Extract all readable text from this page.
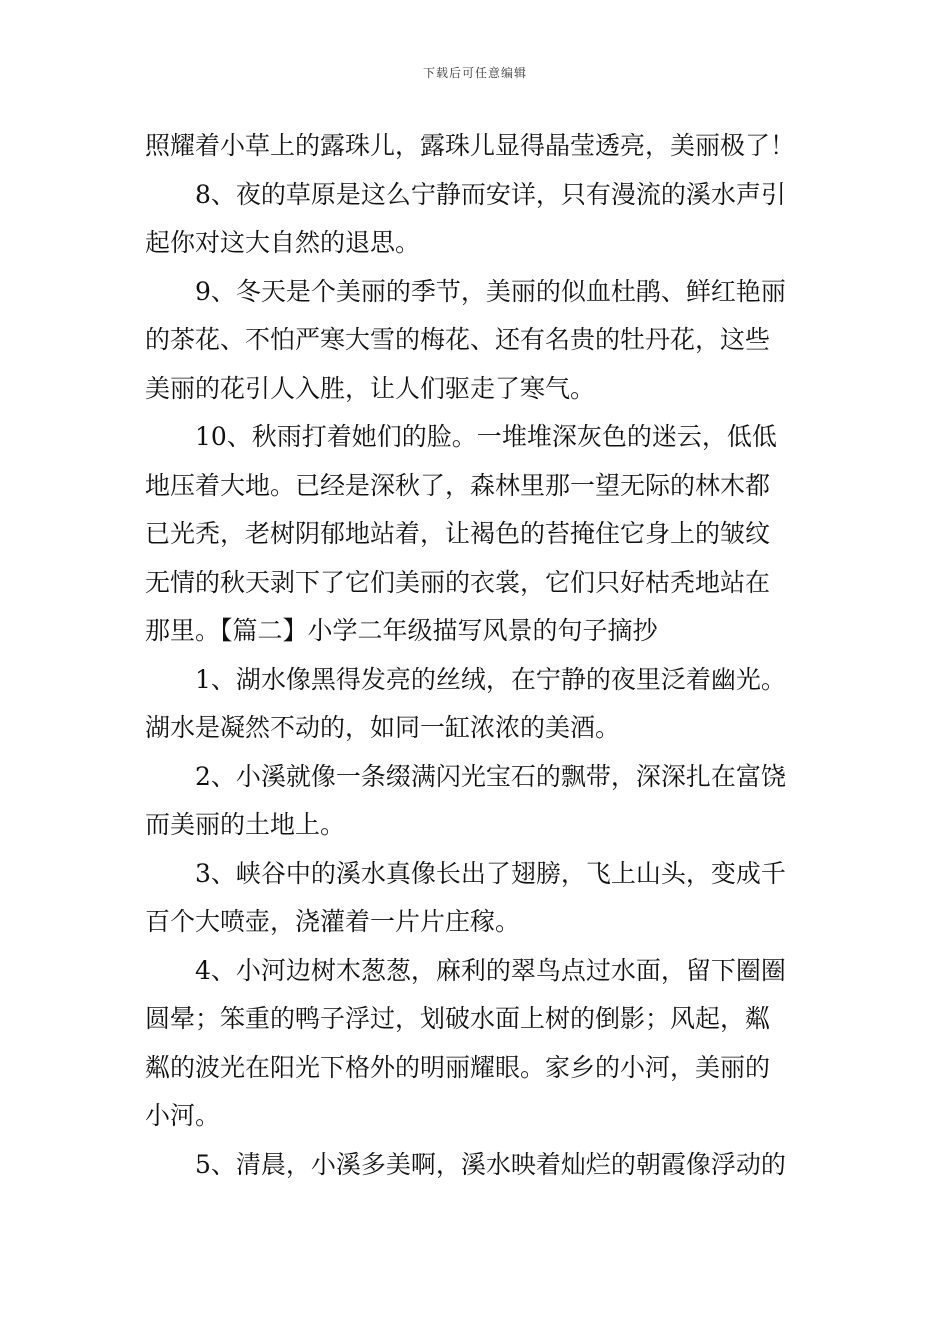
下载后可任意编辑
照耀着小草上的露珠儿，露珠儿显得晶莹透亮，美丽极了！
8、夜的草原是这么宁静而安详，只有漫流的溪水声引
起你对这大自然的退思。
9、冬天是个美丽的季节，美丽的似血杜鹃、鲜红艳丽
的茶花、不怕严寒大雪的梅花、还有名贵的牡丹花，这些
美丽的花引人入胜，让人们驱走了寒气。
10、秋雨打着她们的脸。一堆堆深灰色的迷云，低低
地压着大地。已经是深秋了，森林里那一望无际的林木都
已光秃，老树阴郁地站着，让褐色的苔掩住它身上的皱纹
无情的秋天剥下了它们美丽的衣裳，它们只好枯秃地站在
那里。【篇二】小学二年级描写风景的句子摘抄
1、湖水像黑得发亮的丝绒，在宁静的夜里泛着幽光。
湖水是凝然不动的，如同一缸浓浓的美酒。
2、小溪就像一条缀满闪光宝石的飘带，深深扎在富饶
而美丽的土地上。
3、峡谷中的溪水真像长出了翅膀，飞上山头，变成千
百个大喷壶，浇灌着一片片庄稼。
4、小河边树木葱葱，麻利的翠鸟点过水面，留下圈圈
圆晕；笨重的鸭子浮过，划破水面上树的倒影；风起，粼
粼的波光在阳光下格外的明丽耀眼。家乡的小河，美丽的
小河。
5、清晨，小溪多美啊，溪水映着灿烂的朝霞像浮动的
